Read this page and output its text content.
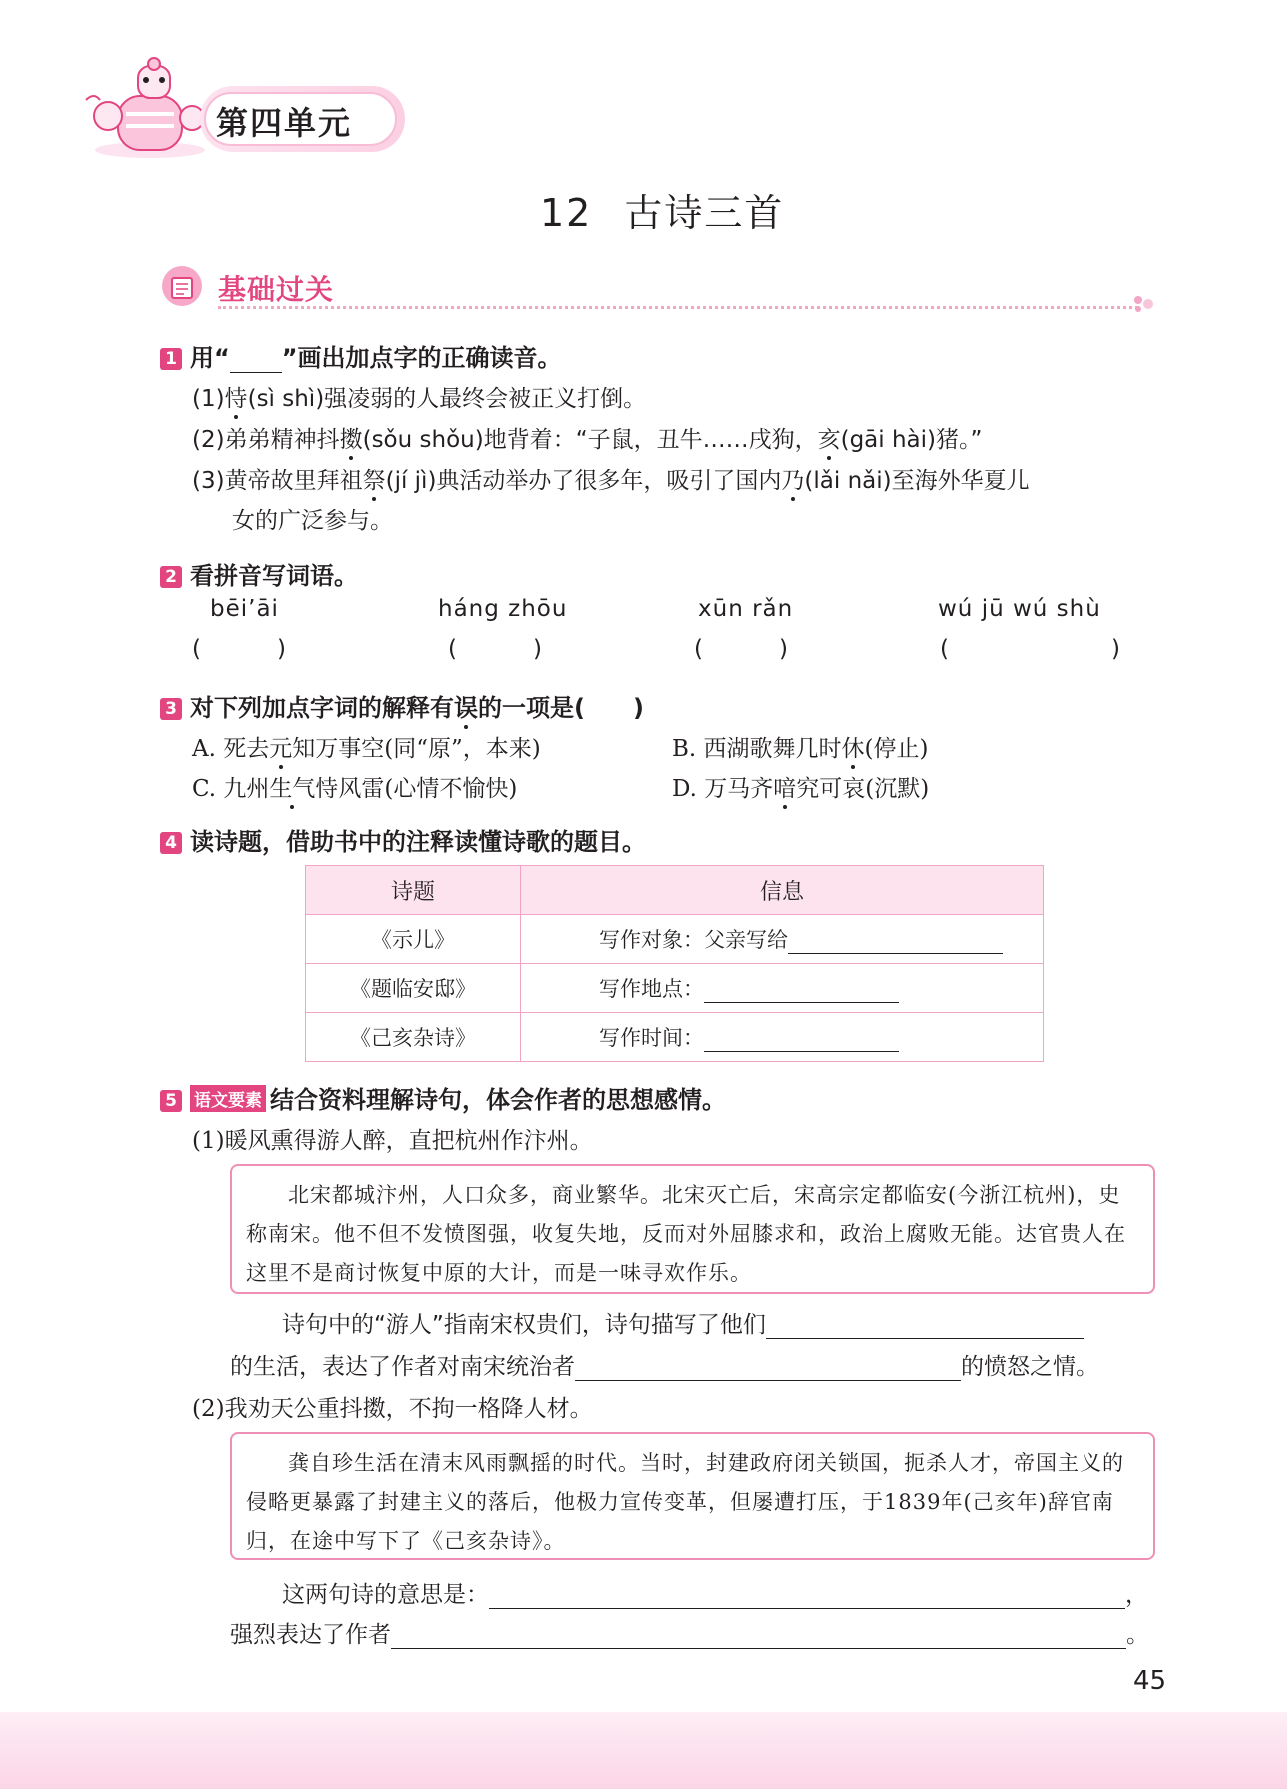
第四单元
12 古诗三首
基础过关
1 用“ ”画出加点字的正确读音。
(1)恃(sì shì)强凌弱的人最终会被正义打倒。
(2)弟弟精神抖擞(sǒu shǒu)地背着：“子鼠，丑牛……戌狗，亥(gāi hài)猪。”
(3)黄帝故里拜祖祭(jí jì)典活动举办了很多年，吸引了国内乃(lǎi nǎi)至海外华夏儿
女的广泛参与。
2 看拼音写词语。
bēi’āi	háng zhōu	xūn rǎn	wú jū wú shù
(	)	(	)	(	)	(	)
3 对下列加点字词的解释有误的一项是( )
A. 死去元知万事空(同“原”，本来)	B. 西湖歌舞几时休(停止)
C. 九州生气恃风雷(心情不愉快)	D. 万马齐喑究可哀(沉默)
4 读诗题，借助书中的注释读懂诗歌的题目。
诗题	信息
《示儿》	写作对象：父亲写给
《题临安邸》	写作地点：
《己亥杂诗》	写作时间：
5 语文要素 结合资料理解诗句，体会作者的思想感情。
(1)暖风熏得游人醉，直把杭州作汴州。

北宋都城汴州，人口众多，商业繁华。北宋灭亡后，宋高宗定都临安(今浙江杭州)，史称南宋。他不但不发愤图强，收复失地，反而对外屈膝求和，政治上腐败无能。达官贵人在这里不是商讨恢复中原的大计，而是一味寻欢作乐。

诗句中的“游人”指南宋权贵们，诗句描写了他们
的生活，表达了作者对南宋统治者	的愤怒之情。
(2)我劝天公重抖擞，不拘一格降人材。

龚自珍生活在清末风雨飘摇的时代。当时，封建政府闭关锁国，扼杀人才，帝国主义的侵略更暴露了封建主义的落后，他极力宣传变革，但屡遭打压，于1839年(己亥年)辞官南归，在途中写下了《己亥杂诗》。

这两句诗的意思是：	，
强烈表达了作者	。
45
